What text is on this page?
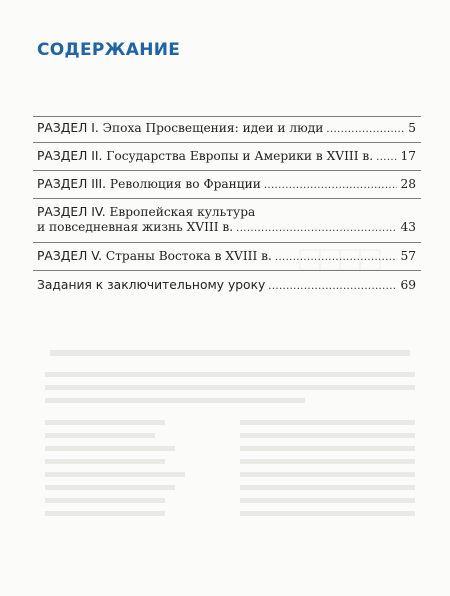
СОДЕРЖАНИЕ
РАЗДЕЛ I.
Эпоха Просвещения: идеи и люди . . .	5
РАЗДЕЛ II.
Государства Европы и Америки в XVIII в. . . . 17
РАЗДЕЛ III.
Революция во Франции . . .	28
РАЗДЕЛ IV.
Европейская культура
и повседневная жизнь XVIII в. . . .	43
РАЗДЕЛ V.
Страны Востока в XVIII в. . . .	57
Задания к заключительному уроку . . .	69
